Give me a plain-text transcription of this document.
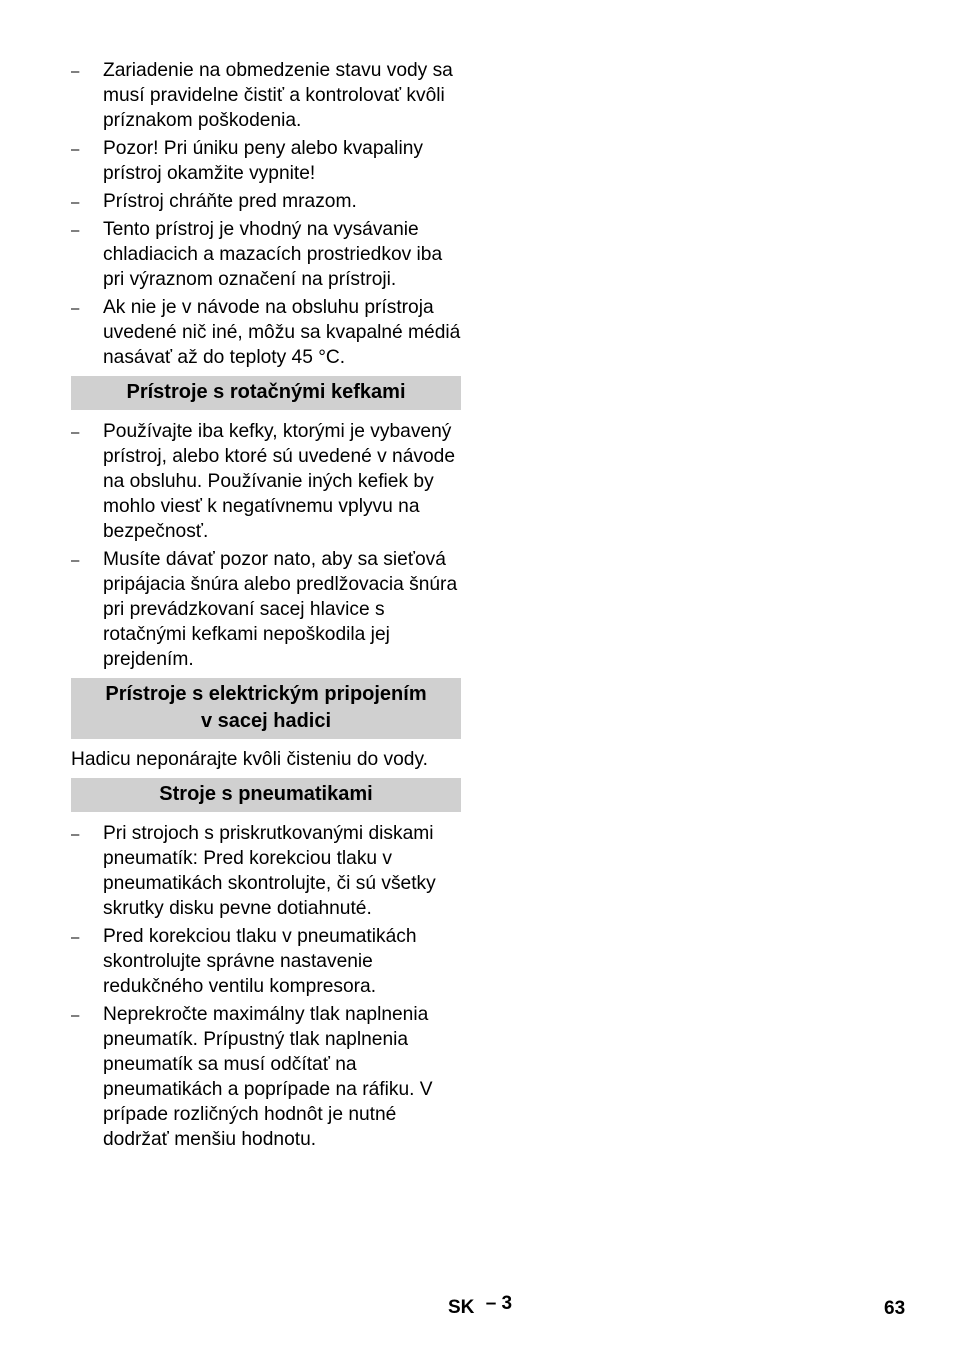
– Zariadenie na obmedzenie stavu vody sa musí pravidelne čistiť a kontrolovať kvôli príznakom poškodenia.
– Pozor! Pri úniku peny alebo kvapaliny prístroj okamžite vypnite!
– Prístroj chráňte pred mrazom.
– Tento prístroj je vhodný na vysávanie chladiacich a mazacích prostriedkov iba pri výraznom označení na prístroji.
– Ak nie je v návode na obsluhu prístroja uvedené nič iné, môžu sa kvapalné médiá nasávať až do teploty 45 °C.
Prístroje s rotačnými kefkami
– Používajte iba kefky, ktorými je vybavený prístroj, alebo ktoré sú uvedené v návode na obsluhu. Používanie iných kefiek by mohlo viesť k negatívnemu vplyvu na bezpečnosť.
– Musíte dávať pozor nato, aby sa sieťová pripájacia šnúra alebo predlžovacia šnúra pri prevádzkovaní sacej hlavice s rotačnými kefkami nepoškodila jej prejdením.
Prístroje s elektrickým pripojením
v sacej hadici
Hadicu neponárajte kvôli čisteniu do vody.
Stroje s pneumatikami
– Pri strojoch s priskrutkovanými diskami pneumatík: Pred korekciou tlaku v pneumatikách skontrolujte, či sú všetky skrutky disku pevne dotiahnuté.
– Pred korekciou tlaku v pneumatikách skontrolujte správne nastavenie redukčného ventilu kompresora.
– Neprekročte maximálny tlak naplnenia pneumatík. Prípustný tlak naplnenia pneumatík sa musí odčítať na pneumatikách a poprípade na ráfiku. V prípade rozličných hodnôt je nutné dodržať menšiu hodnotu.
SK – 3	63
